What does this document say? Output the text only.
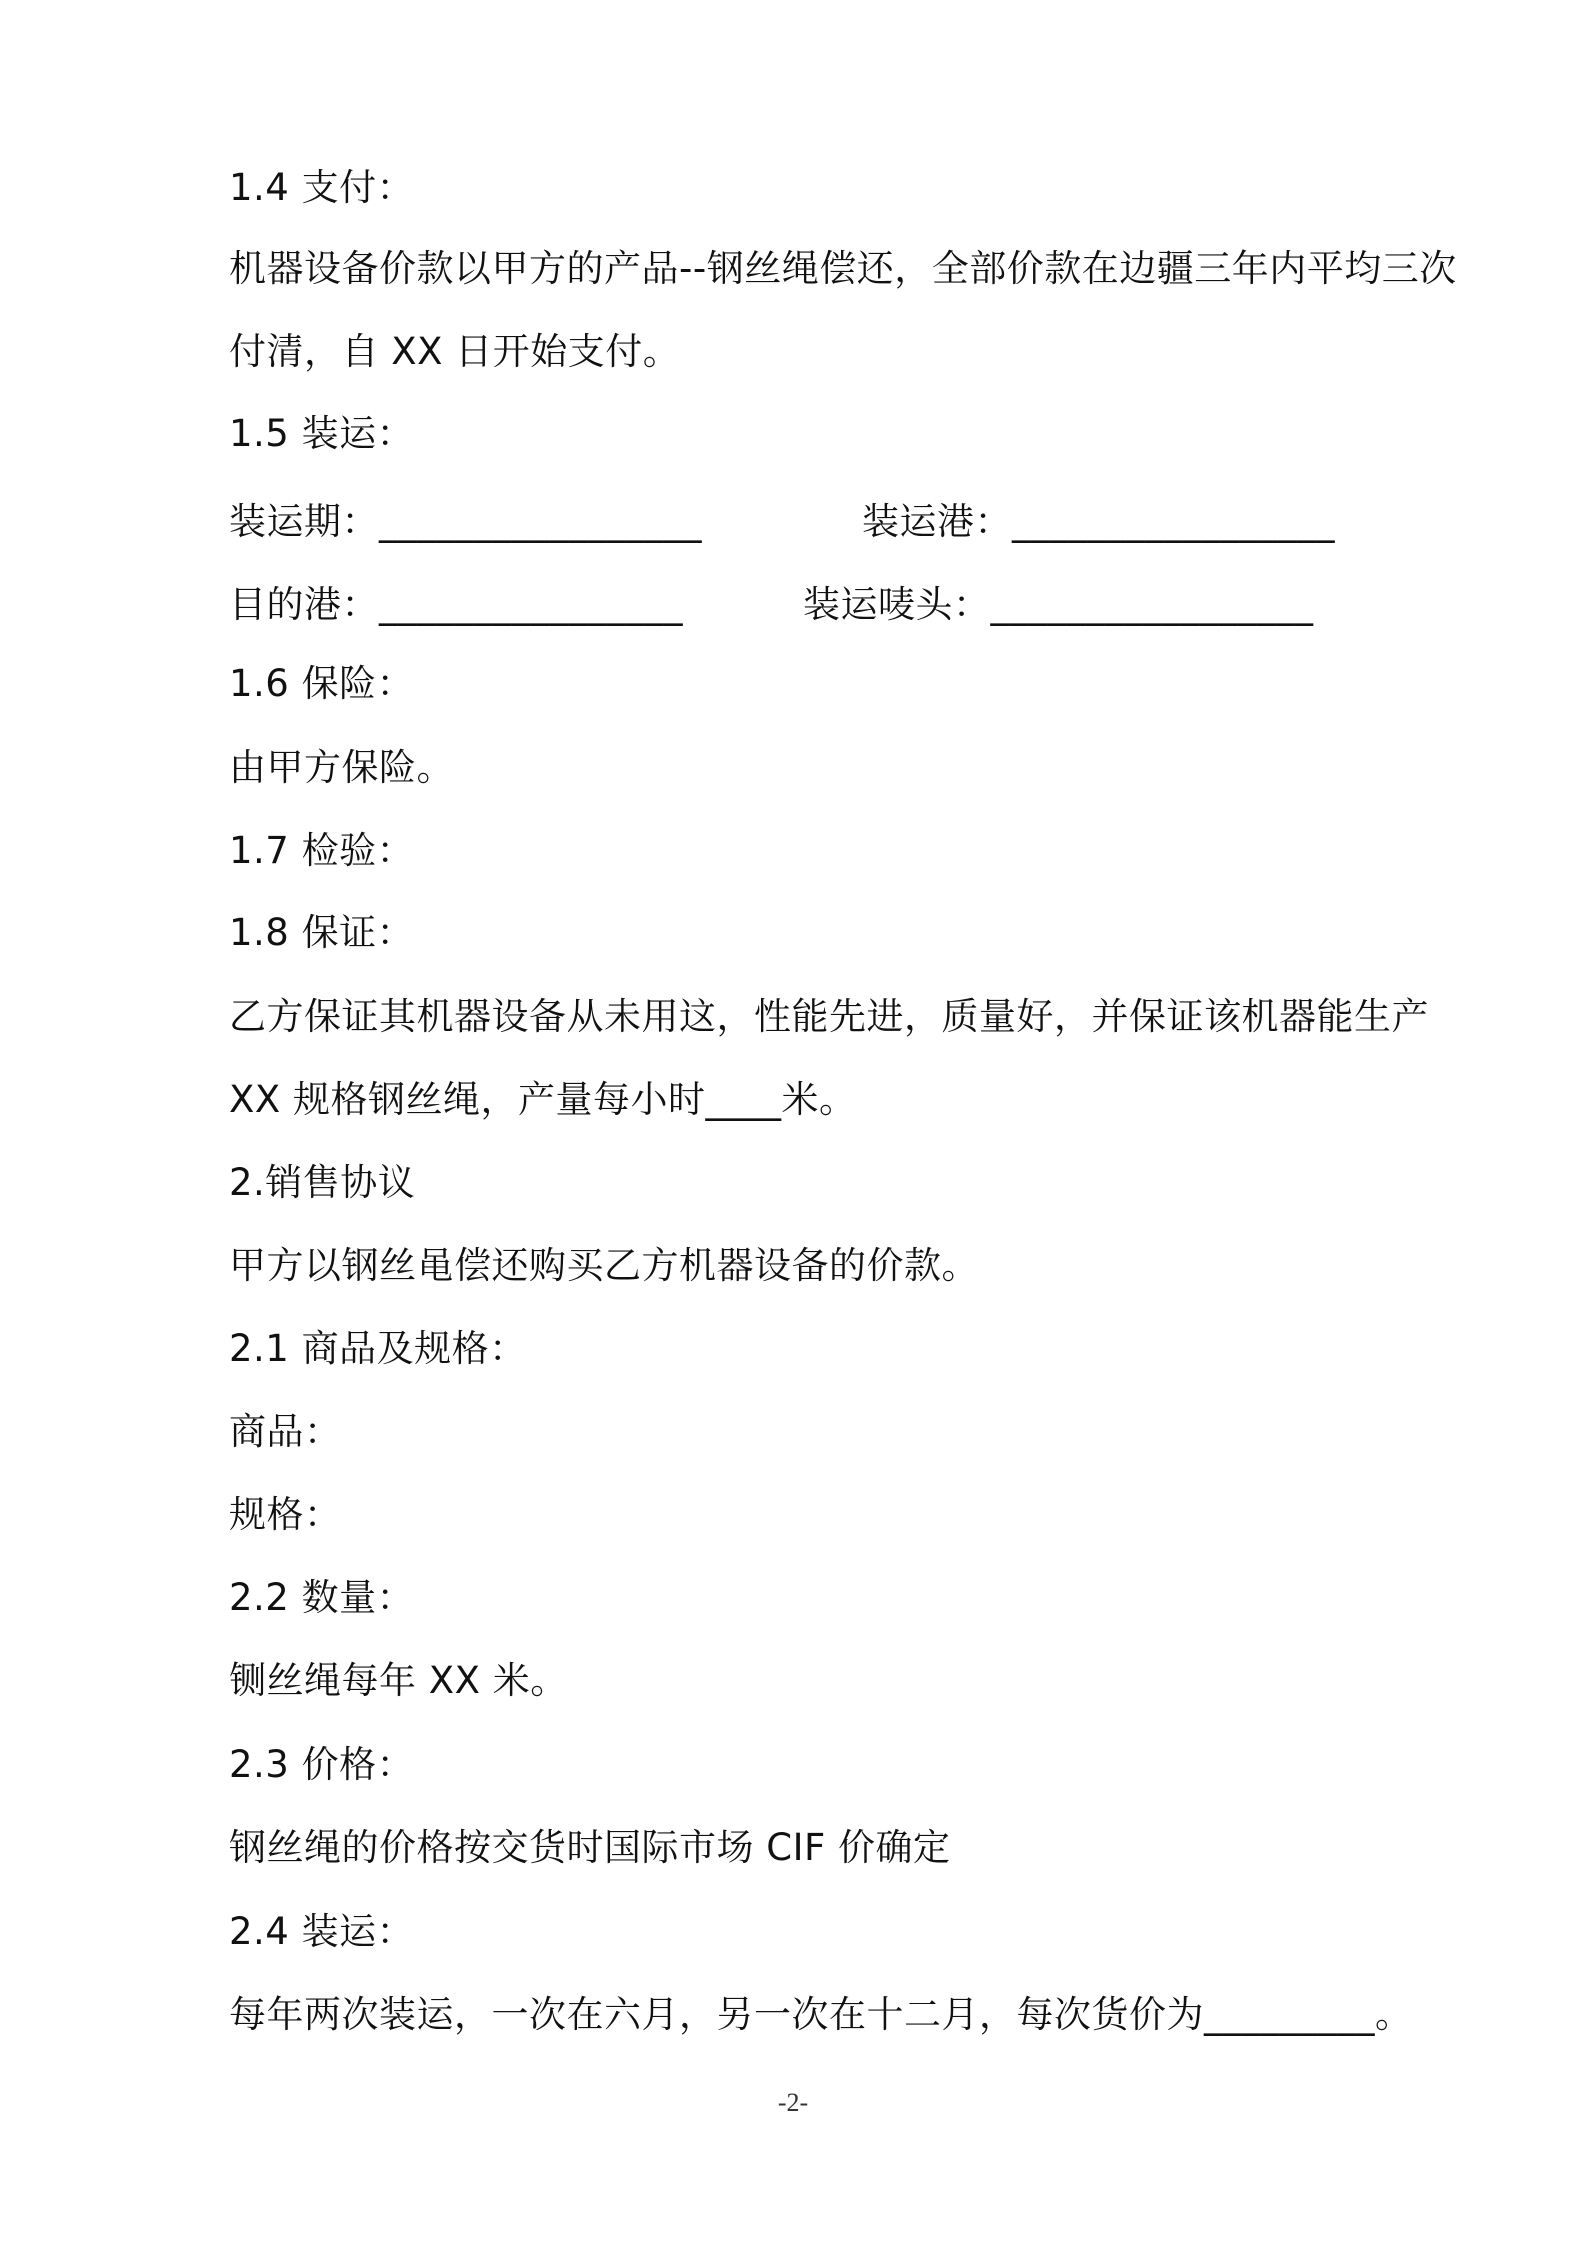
1.4 支付：
机器设备价款以甲方的产品--钢丝绳偿还，全部价款在边疆三年内平均三次
付清，自 XX 日开始支付。
1.5 装运：
装运期：_________________	装运港：_________________
目的港：________________	装运唛头：_________________
1.6 保险：
由甲方保险。
1.7 检验：
1.8 保证：
乙方保证其机器设备从未用这，性能先进，质量好，并保证该机器能生产
XX 规格钢丝绳，产量每小时____米。
2.销售协议
甲方以钢丝黾偿还购买乙方机器设备的价款。
2.1 商品及规格：
商品：
规格：
2.2 数量：
铡丝绳每年 XX 米。
2.3 价格：
钢丝绳的价格按交货时国际市场 CIF 价确定
2.4 装运：
每年两次装运，一次在六月，另一次在十二月，每次货价为_________。
-2-
